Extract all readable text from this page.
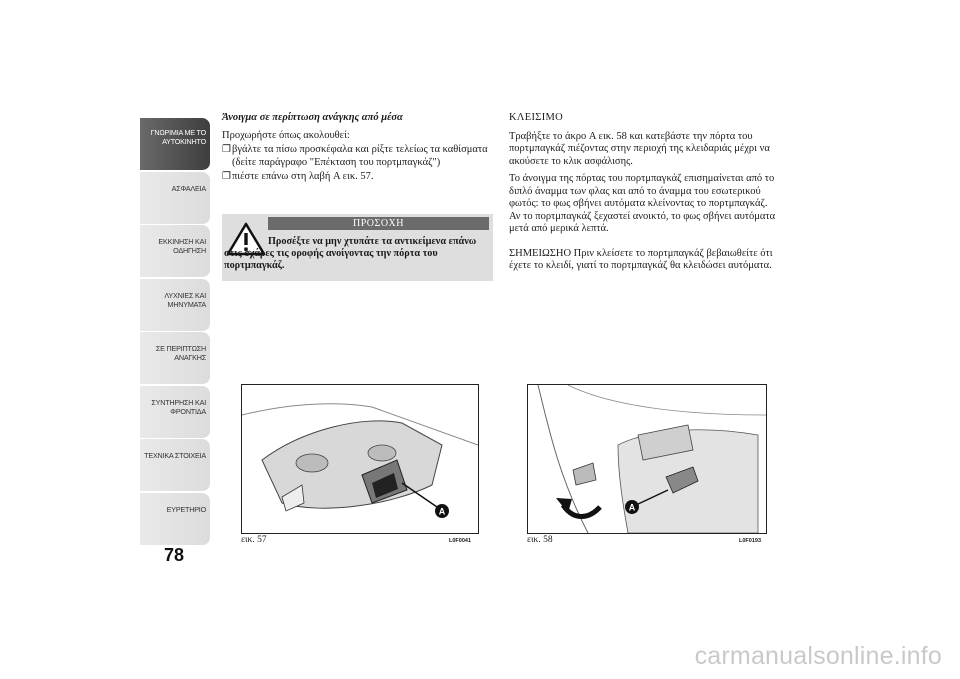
ΓΝΩΡΙΜΙΑ ΜΕ ΤΟ
ΑΥΤΟΚΙΝΗΤΟ
ΑΣΦΑΛΕΙΑ
ΕΚΚΙΝΗΣΗ ΚΑΙ
ΟΔΗΓΗΣΗ
ΛΥΧΝΙΕΣ ΚΑΙ
ΜΗΝΥΜΑΤΑ
ΣΕ ΠΕΡΙΠΤΩΣΗ
ΑΝΑΓΚΗΣ
ΣΥΝΤΗΡΗΣΗ ΚΑΙ
ΦΡΟΝΤΙΔΑ
ΤΕΧΝΙΚΑ ΣΤΟΙΧΕΙΑ
ΕΥΡΕΤΗΡΙΟ
78
Άνοιγμα σε περίπτωση ανάγκης από μέσα

Προχωρήστε όπως ακολουθεί:

❐ βγάλτε τα πίσω προσκέφαλα και ρίξτε τελείως τα καθίσματα (δείτε παράγραφο "Επέκταση του πορτμπαγκάζ")
❐ πιέστε επάνω στη λαβή A εικ. 57.
ΠΡΟΣΟΧΗ
Προσέξτε να μην χτυπάτε τα αντικείμενα επάνω στις σχάρες τις οροφής ανοίγοντας την πόρτα του πορτμπαγκάζ.
ΚΛΕΙΣΙΜΟ

Τραβήξτε το άκρο A εικ. 58 και κατεβάστε την πόρτα του πορτμπαγκάζ πιέζοντας στην περιοχή της κλειδαριάς μέχρι να ακούσετε το κλικ ασφάλισης.

Το άνοιγμα της πόρτας του πορτμπαγκάζ επισημαίνεται από το διπλό άναμμα των φλας και από το άναμμα του εσωτερικού φωτός: το φως σβήνει αυτόματα κλείνοντας το πορτμπαγκάζ. Αν το πορτμπαγκάζ ξεχαστεί ανοικτό, το φως σβήνει αυτόματα μετά από μερικά λεπτά.

ΣΗΜΕΙΩΣΗΟ Πριν κλείσετε το πορτμπαγκάζ βεβαιωθείτε ότι έχετε το κλειδί, γιατί το πορτμπαγκάζ θα κλειδώσει αυτόματα.

A
εικ. 57	L0F0041
A
εικ. 58	L0F0193
carmanualsonline.info
